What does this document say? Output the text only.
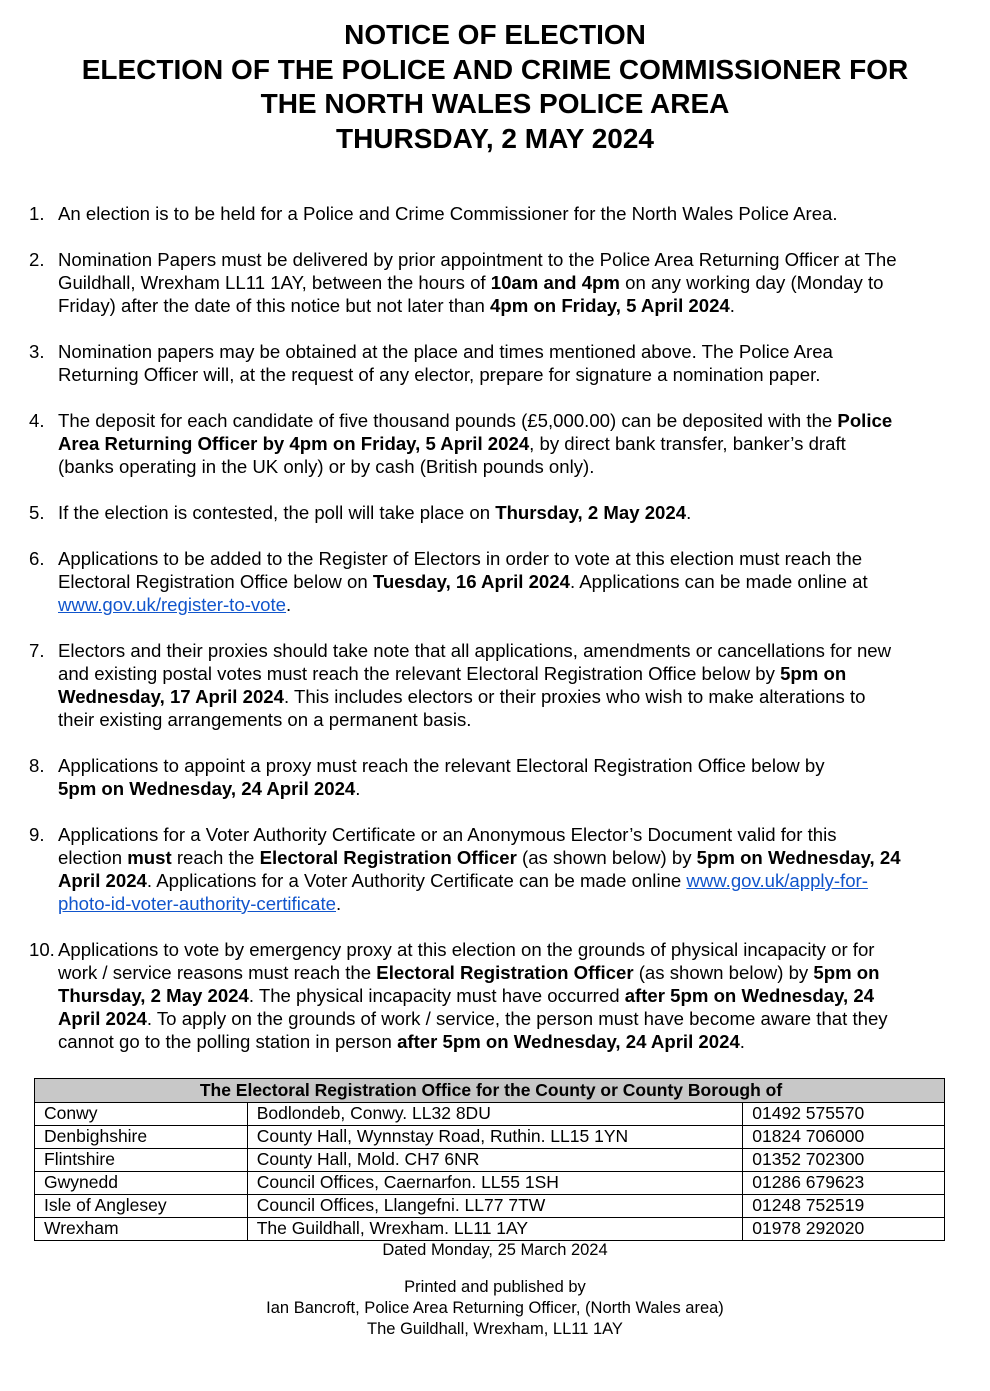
NOTICE OF ELECTION
ELECTION OF THE POLICE AND CRIME COMMISSIONER FOR
THE NORTH WALES POLICE AREA
THURSDAY, 2 MAY 2024
1. An election is to be held for a Police and Crime Commissioner for the North Wales Police Area.
2. Nomination Papers must be delivered by prior appointment to the Police Area Returning Officer at The
Guildhall, Wrexham LL11 1AY, between the hours of 10am and 4pm on any working day (Monday to
Friday) after the date of this notice but not later than 4pm on Friday, 5 April 2024.
3. Nomination papers may be obtained at the place and times mentioned above. The Police Area
Returning Officer will, at the request of any elector, prepare for signature a nomination paper.
4. The deposit for each candidate of five thousand pounds (£5,000.00) can be deposited with the Police
Area Returning Officer by 4pm on Friday, 5 April 2024, by direct bank transfer, banker’s draft
(banks operating in the UK only) or by cash (British pounds only).
5. If the election is contested, the poll will take place on Thursday, 2 May 2024.
6. Applications to be added to the Register of Electors in order to vote at this election must reach the
Electoral Registration Office below on Tuesday, 16 April 2024. Applications can be made online at
www.gov.uk/register-to-vote.
7. Electors and their proxies should take note that all applications, amendments or cancellations for new
and existing postal votes must reach the relevant Electoral Registration Office below by 5pm on
Wednesday, 17 April 2024. This includes electors or their proxies who wish to make alterations to
their existing arrangements on a permanent basis.
8. Applications to appoint a proxy must reach the relevant Electoral Registration Office below by
5pm on Wednesday, 24 April 2024.
9. Applications for a Voter Authority Certificate or an Anonymous Elector’s Document valid for this
election must reach the Electoral Registration Officer (as shown below) by 5pm on Wednesday, 24
April 2024. Applications for a Voter Authority Certificate can be made online www.gov.uk/apply-for-
photo-id-voter-authority-certificate.
10. Applications to vote by emergency proxy at this election on the grounds of physical incapacity or for
work / service reasons must reach the Electoral Registration Officer (as shown below) by 5pm on
Thursday, 2 May 2024. The physical incapacity must have occurred after 5pm on Wednesday, 24
April 2024. To apply on the grounds of work / service, the person must have become aware that they
cannot go to the polling station in person after 5pm on Wednesday, 24 April 2024.
The Electoral Registration Office for the County or County Borough of		
Conwy	Bodlondeb, Conwy. LL32 8DU	01492 575570
Denbighshire	County Hall, Wynnstay Road, Ruthin. LL15 1YN	01824 706000
Flintshire	County Hall, Mold. CH7 6NR	01352 702300
Gwynedd	Council Offices, Caernarfon. LL55 1SH	01286 679623
Isle of Anglesey	Council Offices, Llangefni. LL77 7TW	01248 752519
Wrexham	The Guildhall, Wrexham. LL11 1AY	01978 292020
Dated Monday, 25 March 2024
Printed and published by
Ian Bancroft, Police Area Returning Officer, (North Wales area)
The Guildhall, Wrexham, LL11 1AY
